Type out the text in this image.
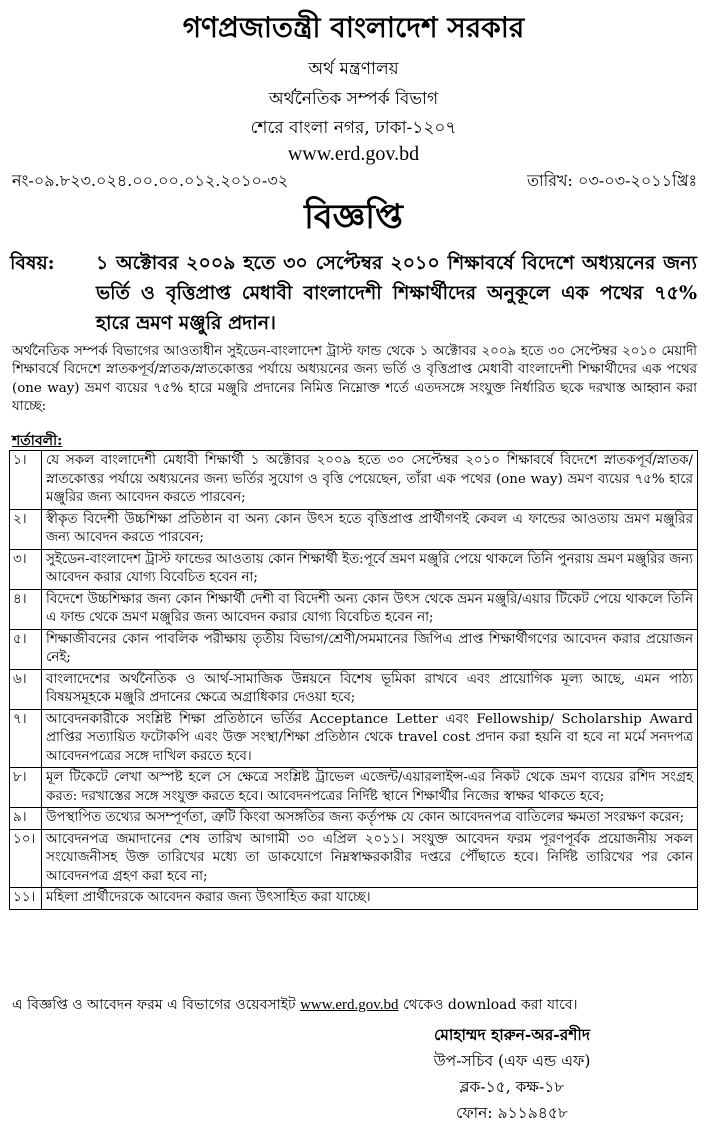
গণপ্রজাতন্ত্রী বাংলাদেশ সরকার
অর্থ মন্ত্রণালয়
অর্থনৈতিক সম্পর্ক বিভাগ
শেরে বাংলা নগর, ঢাকা-১২০৭
www.erd.gov.bd
নং-০৯.৮২৩.০২৪.০০.০০.০১২.২০১০-৩২	তারিখ: ০৩-০৩-২০১১খ্রিঃ
বিজ্ঞপ্তি
বিষয়:	১ অক্টোবর ২০০৯ হতে ৩০ সেপ্টেম্বর ২০১০ শিক্ষাবর্ষে বিদেশে অধ্যয়নের জন্য ভর্তি ও বৃত্তিপ্রাপ্ত মেধাবী বাংলাদেশী শিক্ষার্থীদের অনুকূলে এক পথের ৭৫% হারে ভ্রমণ মঞ্জুরি প্রদান।
অর্থনৈতিক সম্পর্ক বিভাগের আওতাধীন সুইডেন-বাংলাদেশ ট্রাস্ট ফান্ড থেকে ১ অক্টোবর ২০০৯ হতে ৩০ সেপ্টেম্বর ২০১০ মেয়াদী শিক্ষাবর্ষে বিদেশে স্নাতকপূর্ব/স্নাতক/স্নাতকোত্তর পর্যায়ে অধ্যয়নের জন্য ভর্তি ও বৃত্তিপ্রাপ্ত মেধাবী বাংলাদেশী শিক্ষার্থীদের এক পথের (one way) ভ্রমণ ব্যয়ের ৭৫% হারে মঞ্জুরি প্রদানের নিমিত্ত নিম্নোক্ত শর্তে এতদসঙ্গে সংযুক্ত নির্ধারিত ছকে দরখাস্ত আহ্বান করা যাচ্ছে:
শর্তাবলী:
১।	যে সকল বাংলাদেশী মেধাবী শিক্ষার্থী ১ অক্টোবর ২০০৯ হতে ৩০ সেপ্টেম্বর ২০১০ শিক্ষাবর্ষে বিদেশে স্নাতকপূর্ব/স্নাতক/স্নাতকোত্তর পর্যায়ে অধ্যয়নের জন্য ভর্তির সুযোগ ও বৃত্তি পেয়েছেন, তাঁরা এক পথের (one way) ভ্রমণ ব্যয়ের ৭৫% হারে মঞ্জুরির জন্য আবেদন করতে পারবেন;
২।	স্বীকৃত বিদেশী উচ্চশিক্ষা প্রতিষ্ঠান বা অন্য কোন উৎস হতে বৃত্তিপ্রাপ্ত প্রার্থীগণই কেবল এ ফান্ডের আওতায় ভ্রমণ মঞ্জুরির জন্য আবেদন করতে পারবেন;
৩।	সুইডেন-বাংলাদেশ ট্রাস্ট ফান্ডের আওতায় কোন শিক্ষার্থী ইত:পূর্বে ভ্রমণ মঞ্জুরি পেয়ে থাকলে তিনি পুনরায় ভ্রমণ মঞ্জুরির জন্য আবেদন করার যোগ্য বিবেচিত হবেন না;
৪।	বিদেশে উচ্চশিক্ষার জন্য কোন শিক্ষার্থী দেশী বা বিদেশী অন্য কোন উৎস থেকে ভ্রমন মঞ্জুরি/এয়ার টিকেট পেয়ে থাকলে তিনি এ ফান্ড থেকে ভ্রমণ মঞ্জুরির জন্য আবেদন করার যোগ্য বিবেচিত হবেন না;
৫।	শিক্ষাজীবনের কোন পাবলিক পরীক্ষায় তৃতীয় বিভাগ/শ্রেণী/সমমানের জিপিএ প্রাপ্ত শিক্ষার্থীগণের আবেদন করার প্রয়োজন নেই;
৬।	বাংলাদেশের অর্থনৈতিক ও আর্থ-সামাজিক উন্নয়নে বিশেষ ভূমিকা রাখবে এবং প্রায়োগিক মূল্য আছে, এমন পাঠ্য বিষয়সমূহকে মঞ্জুরি প্রদানের ক্ষেত্রে অগ্রাধিকার দেওয়া হবে;
৭।	আবেদনকারীকে সংশ্লিষ্ট শিক্ষা প্রতিষ্ঠানে ভর্তির Acceptance Letter এবং Fellowship/ Scholarship Award প্রাপ্তির সত্যায়িত ফটোকপি এবং উক্ত সংস্থা/শিক্ষা প্রতিষ্ঠান থেকে travel cost প্রদান করা হয়নি বা হবে না মর্মে সনদপত্র আবেদনপত্রের সঙ্গে দাখিল করতে হবে।
৮।	মূল টিকেটে লেখা অস্পষ্ট হলে সে ক্ষেত্রে সংশ্লিষ্ট ট্রাভেল এজেন্ট/এয়ারলাইন্স-এর নিকট থেকে ভ্রমণ ব্যয়ের রশিদ সংগ্রহ করত: দরখাস্তের সঙ্গে সংযুক্ত করতে হবে। আবেদনপত্রের নির্দিষ্ট স্থানে শিক্ষার্থীর নিজের স্বাক্ষর থাকতে হবে;
৯।	উপস্থাপিত তথ্যের অসম্পূর্ণতা, ত্রুটি কিংবা অসঙ্গতির জন্য কর্তৃপক্ষ যে কোন আবেদনপত্র বাতিলের ক্ষমতা সংরক্ষণ করেন;
১০।	আবেদনপত্র জমাদানের শেষ তারিখ আগামী ৩০ এপ্রিল ২০১১। সংযুক্ত আবেদন ফরম পূরণপূর্বক প্রয়োজনীয় সকল সংযোজনীসহ উক্ত তারিখের মধ্যে তা ডাকযোগে নিম্নস্বাক্ষরকারীর দপ্তরে পৌঁছাতে হবে। নির্দিষ্ট তারিখের পর কোন আবেদনপত্র গ্রহণ করা হবে না;
১১।	মহিলা প্রার্থীদেরকে আবেদন করার জন্য উৎসাহিত করা যাচ্ছে।
এ বিজ্ঞপ্তি ও আবেদন ফরম এ বিভাগের ওয়েবসাইট www.erd.gov.bd থেকেও download করা যাবে।
মোহাম্মদ হারুন-অর-রশীদ
উপ-সচিব (এফ এন্ড এফ)
ব্লক-১৫, কক্ষ-১৮
ফোন: ৯১১৯৪৫৮
